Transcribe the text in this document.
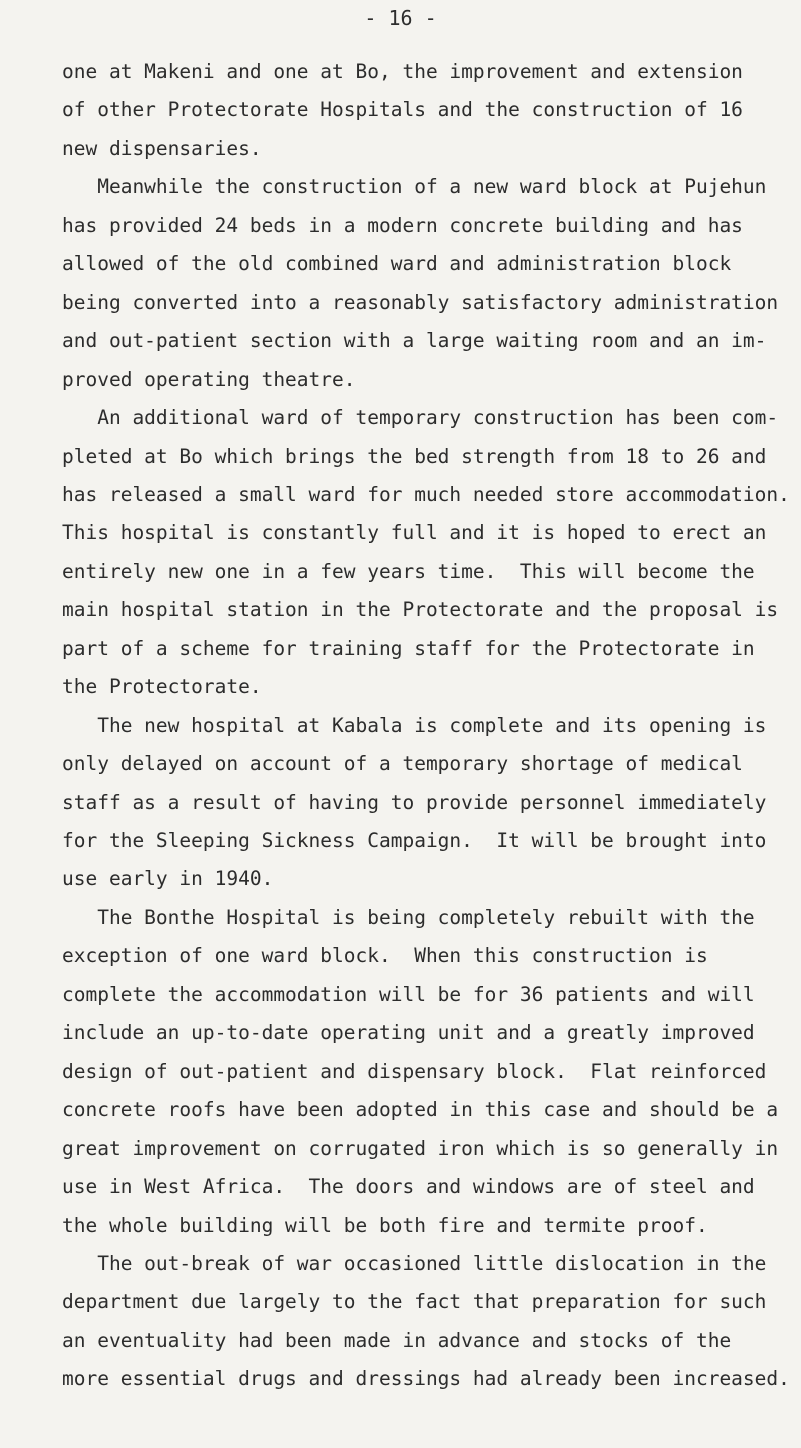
- 16 -
one at Makeni and one at Bo, the improvement and extension
of other Protectorate Hospitals and the construction of 16
new dispensaries.
Meanwhile the construction of a new ward block at Pujehun
has provided 24 beds in a modern concrete building and has
allowed of the old combined ward and administration block
being converted into a reasonably satisfactory administration
and out-patient section with a large waiting room and an im-
proved operating theatre.
An additional ward of temporary construction has been com-
pleted at Bo which brings the bed strength from 18 to 26 and
has released a small ward for much needed store accommodation.
This hospital is constantly full and it is hoped to erect an
entirely new one in a few years time.  This will become the
main hospital station in the Protectorate and the proposal is
part of a scheme for training staff for the Protectorate in
the Protectorate.
The new hospital at Kabala is complete and its opening is
only delayed on account of a temporary shortage of medical
staff as a result of having to provide personnel immediately
for the Sleeping Sickness Campaign.  It will be brought into
use early in 1940.
The Bonthe Hospital is being completely rebuilt with the
exception of one ward block.  When this construction is
complete the accommodation will be for 36 patients and will
include an up-to-date operating unit and a greatly improved
design of out-patient and dispensary block.  Flat reinforced
concrete roofs have been adopted in this case and should be a
great improvement on corrugated iron which is so generally in
use in West Africa.  The doors and windows are of steel and
the whole building will be both fire and termite proof.
The out-break of war occasioned little dislocation in the
department due largely to the fact that preparation for such
an eventuality had been made in advance and stocks of the
more essential drugs and dressings had already been increased.
